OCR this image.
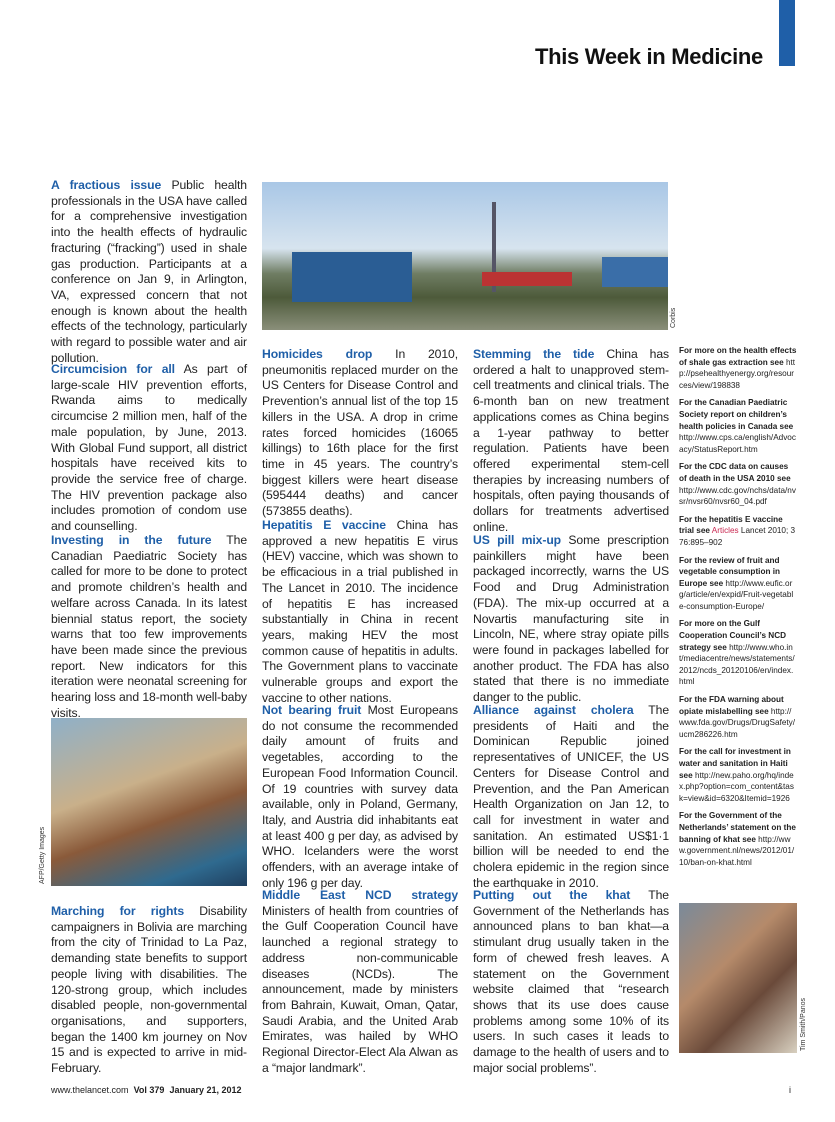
This Week in Medicine
Corbis
AFP/Getty Images
Tim Smith/Panos
A fractious issue Public health professionals in the USA have called for a comprehensive investigation into the health effects of hydraulic fracturing (“fracking”) used in shale gas production. Participants at a conference on Jan 9, in Arlington, VA, expressed concern that not enough is known about the health effects of the technology, particularly with regard to possible water and air pollution.
Circumcision for all As part of large-scale HIV prevention efforts, Rwanda aims to medically circumcise 2 million men, half of the male population, by June, 2013. With Global Fund support, all district hospitals have received kits to provide the service free of charge. The HIV prevention package also includes promotion of condom use and counselling.
Investing in the future The Canadian Paediatric Society has called for more to be done to protect and promote children’s health and welfare across Canada. In its latest biennial status report, the society warns that too few improvements have been made since the previous report. New indicators for this iteration were neonatal screening for hearing loss and 18-month well-baby visits.
Marching for rights Disability campaigners in Bolivia are marching from the city of Trinidad to La Paz, demanding state benefits to support people living with disabilities. The 120-strong group, which includes disabled people, non-governmental organisations, and supporters, began the 1400 km journey on Nov 15 and is expected to arrive in mid-February.
Homicides drop In 2010, pneumonitis replaced murder on the US Centers for Disease Control and Prevention’s annual list of the top 15 killers in the USA. A drop in crime rates forced homicides (16065 killings) to 16th place for the first time in 45 years. The country’s biggest killers were heart disease (595444 deaths) and cancer (573855 deaths).
Hepatitis E vaccine China has approved a new hepatitis E virus (HEV) vaccine, which was shown to be efficacious in a trial published in The Lancet in 2010. The incidence of hepatitis E has increased substantially in China in recent years, making HEV the most common cause of hepatitis in adults. The Government plans to vaccinate vulnerable groups and export the vaccine to other nations.
Not bearing fruit Most Europeans do not consume the recommended daily amount of fruits and vegetables, according to the European Food Information Council. Of 19 countries with survey data available, only in Poland, Germany, Italy, and Austria did inhabitants eat at least 400 g per day, as advised by WHO. Icelanders were the worst offenders, with an average intake of only 196 g per day.
Middle East NCD strategy Ministers of health from countries of the Gulf Cooperation Council have launched a regional strategy to address non-communicable diseases (NCDs). The announcement, made by ministers from Bahrain, Kuwait, Oman, Qatar, Saudi Arabia, and the United Arab Emirates, was hailed by WHO Regional Director-Elect Ala Alwan as a “major landmark”.
Stemming the tide China has ordered a halt to unapproved stem-cell treatments and clinical trials. The 6-month ban on new treatment applications comes as China begins a 1-year pathway to better regulation. Patients have been offered experimental stem-cell therapies by increasing numbers of hospitals, often paying thousands of dollars for treatments advertised online.
US pill mix-up Some prescription painkillers might have been packaged incorrectly, warns the US Food and Drug Administration (FDA). The mix-up occurred at a Novartis manufacturing site in Lincoln, NE, where stray opiate pills were found in packages labelled for another product. The FDA has also stated that there is no immediate danger to the public.
Alliance against cholera The presidents of Haiti and the Dominican Republic joined representatives of UNICEF, the US Centers for Disease Control and Prevention, and the Pan American Health Organization on Jan 12, to call for investment in water and sanitation. An estimated US$1·1 billion will be needed to end the cholera epidemic in the region since the earthquake in 2010.
Putting out the khat The Government of the Netherlands has announced plans to ban khat—a stimulant drug usually taken in the form of chewed fresh leaves. A statement on the Government website claimed that “research shows that its use does cause problems among some 10% of its users. In such cases it leads to damage to the health of users and to major social problems”.
For more on the health effects of shale gas extraction see http://psehealthyenergy.org/resources/view/198838
For the Canadian Paediatric Society report on children’s health policies in Canada see http://www.cps.ca/english/Advocacy/StatusReport.htm
For the CDC data on causes of death in the USA 2010 see http://www.cdc.gov/nchs/data/nvsr/nvsr60/nvsr60_04.pdf
For the hepatitis E vaccine trial see Articles Lancet 2010; 376:895–902
For the review of fruit and vegetable consumption in Europe see http://www.eufic.org/article/en/expid/Fruit-vegetable-consumption-Europe/
For more on the Gulf Cooperation Council’s NCD strategy see http://www.who.int/mediacentre/news/statements/2012/ncds_20120106/en/index.html
For the FDA warning about opiate mislabelling see http://www.fda.gov/Drugs/DrugSafety/ucm286226.htm
For the call for investment in water and sanitation in Haiti see http://new.paho.org/hq/index.php?option=com_content&task=view&id=6320&Itemid=1926
For the Government of the Netherlands’ statement on the banning of khat see http://www.government.nl/news/2012/01/10/ban-on-khat.html
www.thelancet.com Vol 379 January 21, 2012	i
